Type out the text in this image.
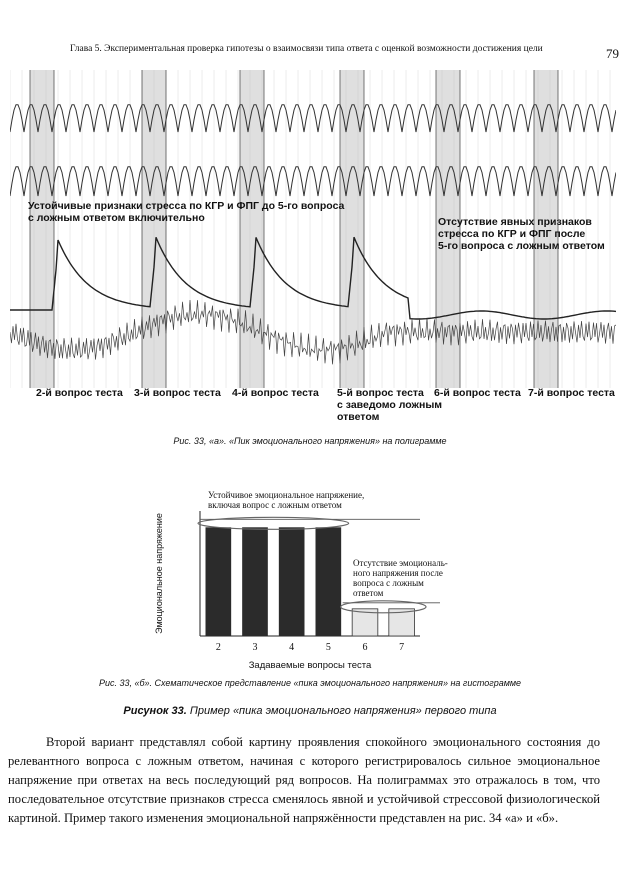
Глава 5. Экспериментальная проверка гипотезы о взаимосвязи типа ответа с оценкой возможности достижения цели	79
Устойчивые признаки стресса по КГР и ФПГ до 5-го вопроса
с ложным ответом включительно	Отсутствие явных признаков
стресса по КГР и ФПГ после
5-го вопроса с ложным ответом
2-й вопрос теста 3-й вопрос теста 4-й вопрос теста 5-й вопрос теста
с заведомо ложным
ответом
6-й вопрос теста 7-й вопрос теста
Рис. 33, «а». «Пик эмоционального напряжения» на полиграмме
Эмоциональное напряжение
2	3	4	5	6	7
Задаваемые вопросы теста
Устойчивое эмоциональное напряжение,
включая вопрос с ложным ответом
Отсутствие эмоциональ-
ного напряжения после
вопроса с ложным ответом
Рис. 33, «б». Схематическое представление «пика эмоционального напряжения» на гистограмме
Рисунок 33. Пример «пика эмоционального напряжения» первого типа
Второй вариант представлял собой картину проявления спокойного эмоционального состояния до релевантного вопроса с ложным ответом, начиная с которого регистрировалось сильное эмоциональное напряжение при ответах на весь последующий ряд вопросов. На полиграммах это отражалось в том, что последовательное отсутствие признаков стресса сменялось явной и устойчивой стрессовой физиологической картиной. Пример такого изменения эмоциональной напряжённости представлен на рис. 34 «а» и «б».
